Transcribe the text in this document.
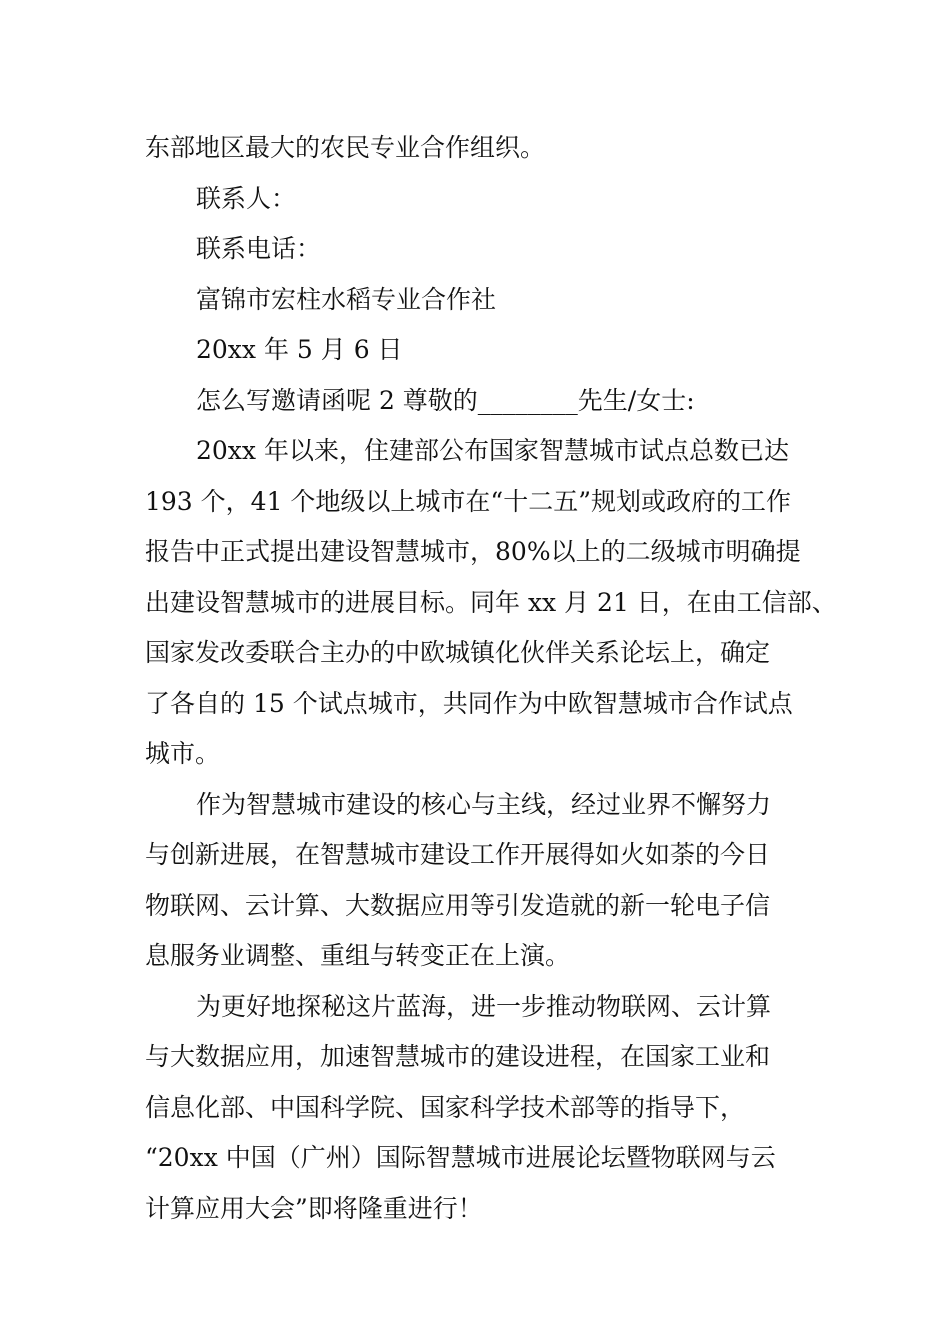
东部地区最大的农民专业合作组织。
联系人：
联系电话：
富锦市宏柱水稻专业合作社
20xx 年 5 月 6 日
怎么写邀请函呢 2 尊敬的________先生/女士:
20xx 年以来，住建部公布国家智慧城市试点总数已达
193 个，41 个地级以上城市在“十二五”规划或政府的工作
报告中正式提出建设智慧城市，80%以上的二级城市明确提
出建设智慧城市的进展目标。同年 xx 月 21 日，在由工信部、
国家发改委联合主办的中欧城镇化伙伴关系论坛上，确定
了各自的 15 个试点城市，共同作为中欧智慧城市合作试点
城市。
作为智慧城市建设的核心与主线，经过业界不懈努力
与创新进展，在智慧城市建设工作开展得如火如荼的今日
物联网、云计算、大数据应用等引发造就的新一轮电子信
息服务业调整、重组与转变正在上演。
为更好地探秘这片蓝海，进一步推动物联网、云计算
与大数据应用，加速智慧城市的建设进程，在国家工业和
信息化部、中国科学院、国家科学技术部等的指导下，
“20xx 中国（广州）国际智慧城市进展论坛暨物联网与云
计算应用大会”即将隆重进行！
